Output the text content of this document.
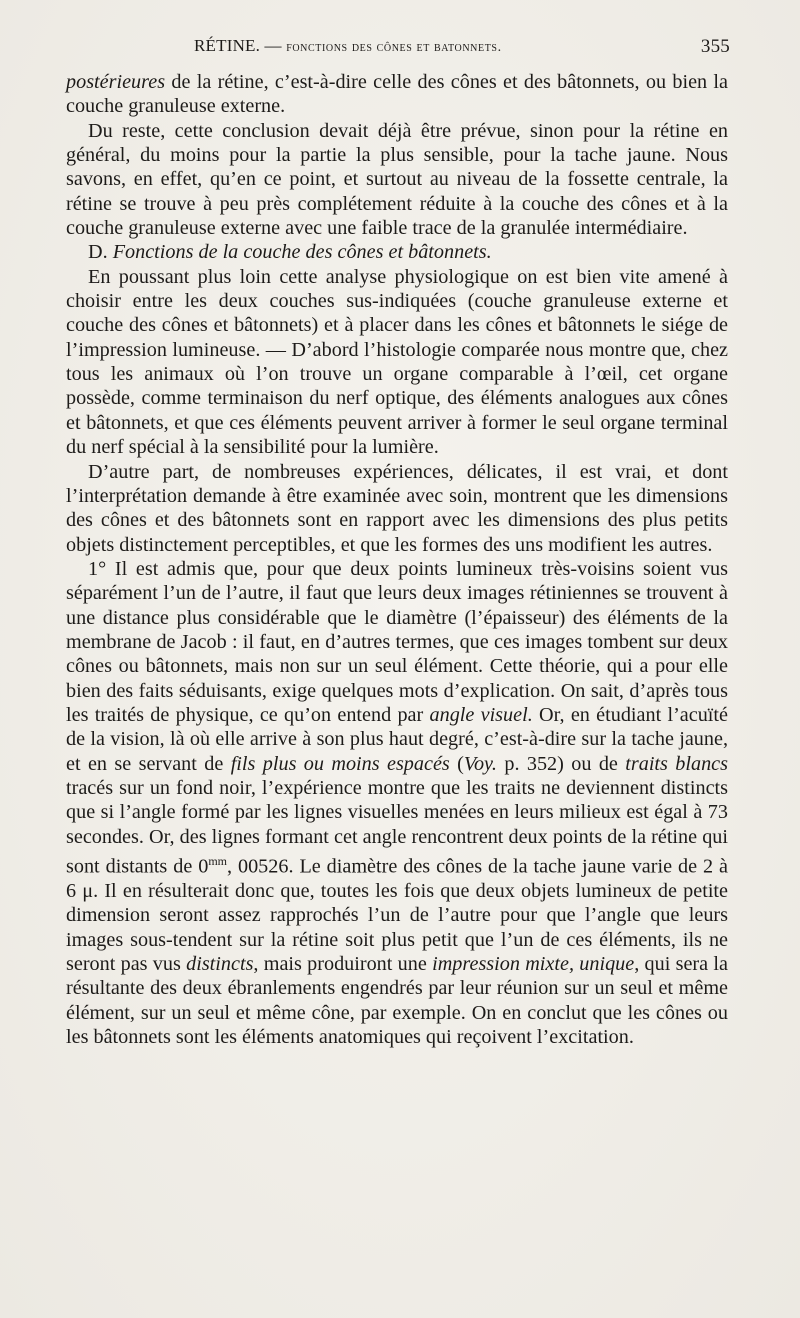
RÉTINE. — fonctions des cônes et batonnets.	355

postérieures de la rétine, c’est-à-dire celle des cônes et des bâtonnets, ou bien la couche granuleuse externe.

Du reste, cette conclusion devait déjà être prévue, sinon pour la rétine en général, du moins pour la partie la plus sensible, pour la tache jaune. Nous savons, en effet, qu’en ce point, et surtout au niveau de la fossette centrale, la rétine se trouve à peu près complétement réduite à la couche des cônes et à la couche granuleuse externe avec une faible trace de la granulée intermédiaire.

D. Fonctions de la couche des cônes et bâtonnets.

En poussant plus loin cette analyse physiologique on est bien vite amené à choisir entre les deux couches sus-indiquées (couche granuleuse externe et couche des cônes et bâtonnets) et à placer dans les cônes et bâtonnets le siége de l’impression lumineuse. — D’abord l’histologie comparée nous montre que, chez tous les animaux où l’on trouve un organe comparable à l’œil, cet organe possède, comme terminaison du nerf optique, des éléments analogues aux cônes et bâtonnets, et que ces éléments peuvent arriver à former le seul organe terminal du nerf spécial à la sensibilité pour la lumière.

D’autre part, de nombreuses expériences, délicates, il est vrai, et dont l’interprétation demande à être examinée avec soin, montrent que les dimensions des cônes et des bâtonnets sont en rapport avec les dimensions des plus petits objets distinctement perceptibles, et que les formes des uns modifient les autres.

1° Il est admis que, pour que deux points lumineux très-voisins soient vus séparément l’un de l’autre, il faut que leurs deux images rétiniennes se trouvent à une distance plus considérable que le diamètre (l’épaisseur) des éléments de la membrane de Jacob : il faut, en d’autres termes, que ces images tombent sur deux cônes ou bâtonnets, mais non sur un seul élément. Cette théorie, qui a pour elle bien des faits séduisants, exige quelques mots d’explication. On sait, d’après tous les traités de physique, ce qu’on entend par angle visuel. Or, en étudiant l’acuïté de la vision, là où elle arrive à son plus haut degré, c’est-à-dire sur la tache jaune, et en se servant de fils plus ou moins espacés (Voy. p. 352) ou de traits blancs tracés sur un fond noir, l’expérience montre que les traits ne deviennent distincts que si l’angle formé par les lignes visuelles menées en leurs milieux est égal à 73 secondes. Or, des lignes formant cet angle rencontrent deux points de la rétine qui sont distants de $0^{mm}$, 00526. Le diamètre des cônes de la tache jaune varie de 2 à 6 μ. Il en résulterait donc que, toutes les fois que deux objets lumineux de petite dimension seront assez rapprochés l’un de l’autre pour que l’angle que leurs images sous-tendent sur la rétine soit plus petit que l’un de ces éléments, ils ne seront pas vus distincts, mais produiront une impression mixte, unique, qui sera la résultante des deux ébranlements engendrés par leur réunion sur un seul et même élément, sur un seul et même cône, par exemple. On en conclut que les cônes ou les bâtonnets sont les éléments anatomiques qui reçoivent l’excitation.
